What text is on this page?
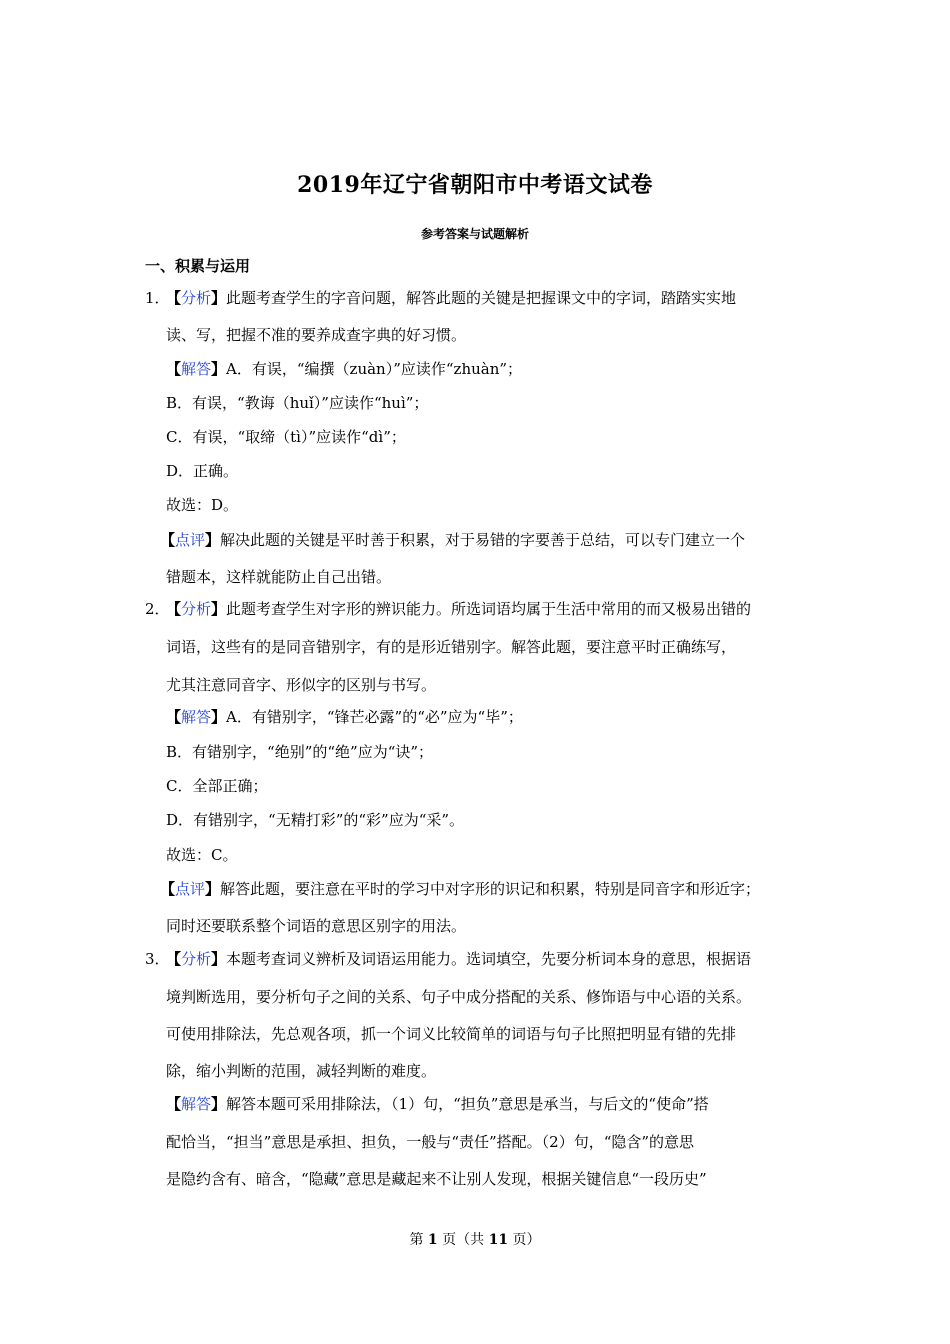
2019年辽宁省朝阳市中考语文试卷
参考答案与试题解析
一、积累与运用
1．
【分析】此题考查学生的字音问题，解答此题的关键是把握课文中的字词，踏踏实实地
读、写，把握不准的要养成查字典的好习惯。
【解答】A．有误，“编撰（zuàn）”应读作“zhuàn”；
B．有误，“教诲（huǐ）”应读作“huì”；
C．有误，“取缔（tì）”应读作“dì”；
D．正确。
故选：D。
【点评】解决此题的关键是平时善于积累，对于易错的字要善于总结，可以专门建立一个
错题本，这样就能防止自己出错。
2．
【分析】此题考查学生对字形的辨识能力。所选词语均属于生活中常用的而又极易出错的
词语，这些有的是同音错别字，有的是形近错别字。解答此题，要注意平时正确练写，
尤其注意同音字、形似字的区别与书写。
【解答】A．有错别字，“锋芒必露”的“必”应为“毕”；
B．有错别字，“绝别”的“绝”应为“诀”；
C．全部正确；
D．有错别字，“无精打彩”的“彩”应为“采”。
故选：C。
【点评】解答此题，要注意在平时的学习中对字形的识记和积累，特别是同音字和形近字；
同时还要联系整个词语的意思区别字的用法。
3．
【分析】本题考查词义辨析及词语运用能力。选词填空，先要分析词本身的意思，根据语
境判断选用，要分析句子之间的关系、句子中成分搭配的关系、修饰语与中心语的关系。
可使用排除法，先总观各项，抓一个词义比较简单的词语与句子比照把明显有错的先排
除，缩小判断的范围，减轻判断的难度。
【解答】解答本题可采用排除法，（1）句，“担负”意思是承当，与后文的“使命”搭
配恰当，“担当”意思是承担、担负，一般与“责任”搭配。（2）句，“隐含”的意思
是隐约含有、暗含，“隐藏”意思是藏起来不让别人发现，根据关键信息“一段历史”
第 1 页（共 11 页）
